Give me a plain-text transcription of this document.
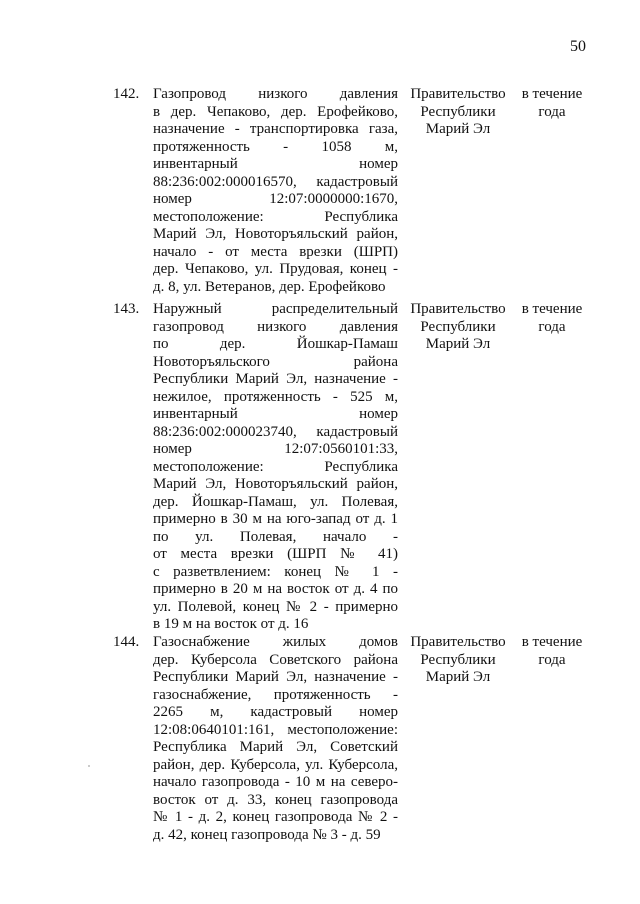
50
142. Газопровод низкого давления
в дер. Чепаково, дер. Ерофейково,
назначение - транспортировка газа,
протяженность - 1058 м,
инвентарный номер
88:236:002:000016570, кадастровый
номер 12:07:0000000:1670,
местоположение: Республика
Марий Эл, Новоторъяльский район,
начало - от места врезки (ШРП)
дер. Чепаково, ул. Прудовая, конец -
д. 8, ул. Ветеранов, дер. Ерофейково
Правительство
Республики
Марий Эл
в течение
года
143. Наружный распределительный
газопровод низкого давления
по дер. Йошкар-Памаш
Новоторъяльского района
Республики Марий Эл, назначение -
нежилое, протяженность - 525 м,
инвентарный номер
88:236:002:000023740, кадастровый
номер 12:07:0560101:33,
местоположение: Республика
Марий Эл, Новоторъяльский район,
дер. Йошкар-Памаш, ул. Полевая,
примерно в 30 м на юго-запад от д. 1
по ул. Полевая, начало -
от места врезки (ШРП № 41)
с разветвлением: конец № 1 -
примерно в 20 м на восток от д. 4 по
ул. Полевой, конец № 2 - примерно
в 19 м на восток от д. 16
Правительство
Республики
Марий Эл
в течение
года
144. Газоснабжение жилых домов
дер. Куберсола Советского района
Республики Марий Эл, назначение -
газоснабжение, протяженность -
2265 м, кадастровый номер
12:08:0640101:161, местоположение:
Республика Марий Эл, Советский
район, дер. Куберсола, ул. Куберсола,
начало газопровода - 10 м на северо-
восток от д. 33, конец газопровода
№ 1 - д. 2, конец газопровода № 2 -
д. 42, конец газопровода № 3 - д. 59
Правительство
Республики
Марий Эл
в течение
года
